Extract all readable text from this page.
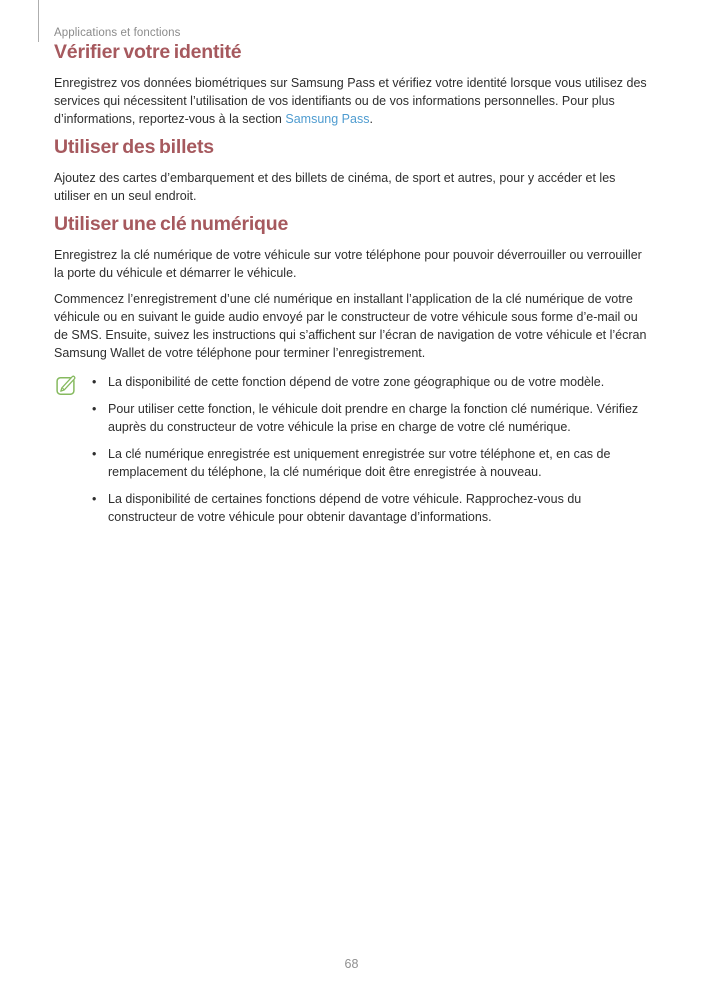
Applications et fonctions
Vérifier votre identité

Enregistrez vos données biométriques sur Samsung Pass et vérifiez votre identité lorsque vous utilisez des services qui nécessitent l’utilisation de vos identifiants ou de vos informations personnelles. Pour plus d’informations, reportez-vous à la section Samsung Pass.

Utiliser des billets

Ajoutez des cartes d’embarquement et des billets de cinéma, de sport et autres, pour y accéder et les utiliser en un seul endroit.

Utiliser une clé numérique

Enregistrez la clé numérique de votre véhicule sur votre téléphone pour pouvoir déverrouiller ou verrouiller la porte du véhicule et démarrer le véhicule.

Commencez l’enregistrement d’une clé numérique en installant l’application de la clé numérique de votre véhicule ou en suivant le guide audio envoyé par le constructeur de votre véhicule sous forme d’e-mail ou de SMS. Ensuite, suivez les instructions qui s’affichent sur l’écran de navigation de votre véhicule et l’écran Samsung Wallet de votre téléphone pour terminer l’enregistrement.

• La disponibilité de cette fonction dépend de votre zone géographique ou de votre modèle.
• Pour utiliser cette fonction, le véhicule doit prendre en charge la fonction clé numérique. Vérifiez auprès du constructeur de votre véhicule la prise en charge de votre clé numérique.
• La clé numérique enregistrée est uniquement enregistrée sur votre téléphone et, en cas de remplacement du téléphone, la clé numérique doit être enregistrée à nouveau.
• La disponibilité de certaines fonctions dépend de votre véhicule. Rapprochez-vous du constructeur de votre véhicule pour obtenir davantage d’informations.
68
